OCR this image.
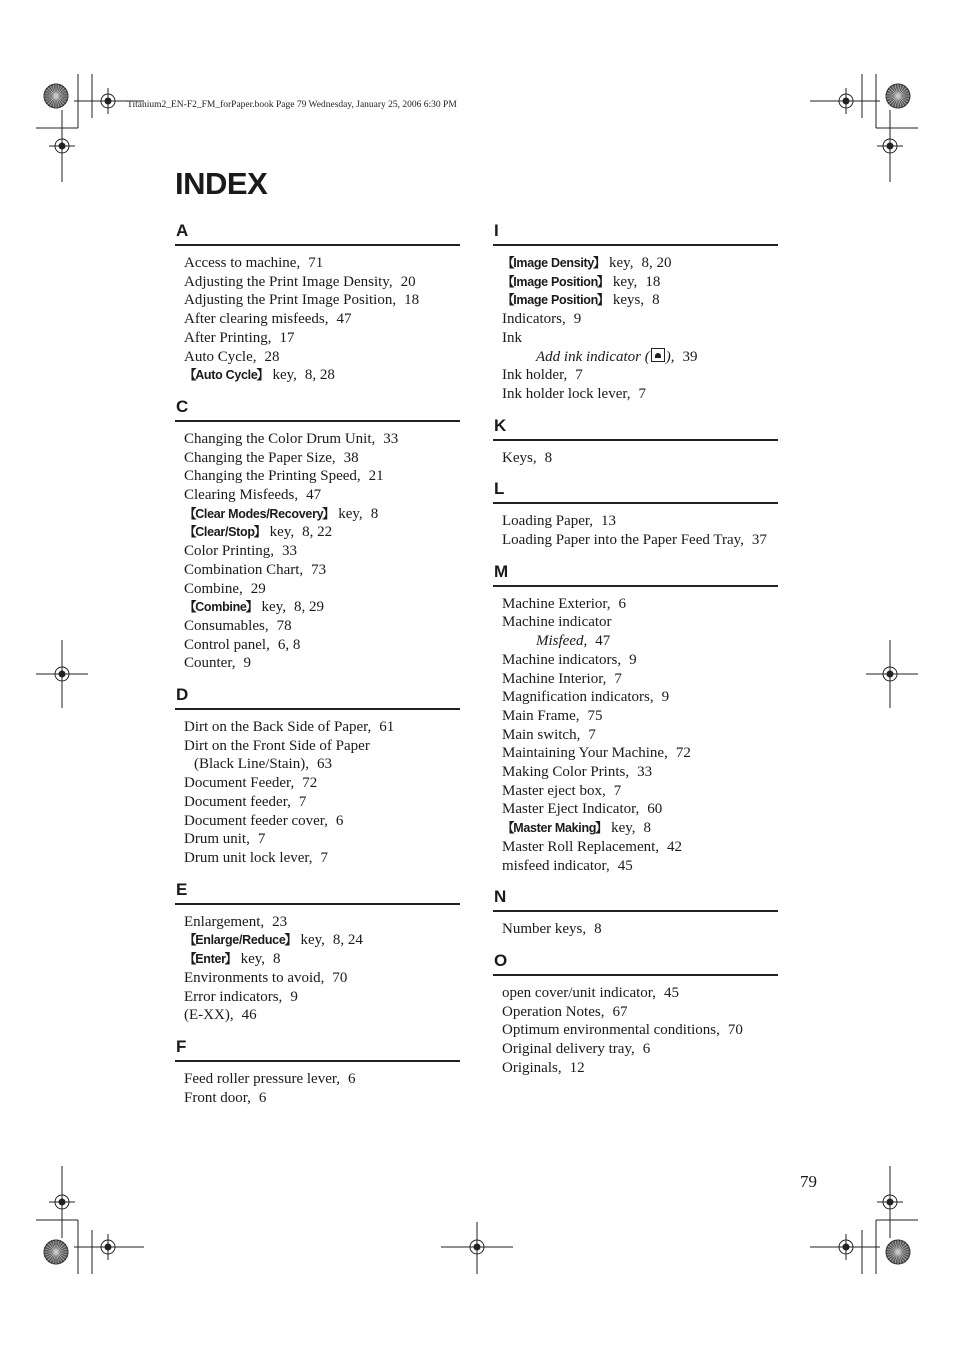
Titanium2_EN-F2_FM_forPaper.book Page 79 Wednesday, January 25, 2006 6:30 PM
INDEX
A
Access to machine, 71
Adjusting the Print Image Density, 20
Adjusting the Print Image Position, 18
After clearing misfeeds, 47
After Printing, 17
Auto Cycle, 28
【 Auto Cycle 】 key, 8, 28
C
Changing the Color Drum Unit, 33
Changing the Paper Size, 38
Changing the Printing Speed, 21
Clearing Misfeeds, 47
【 Clear Modes/Recovery 】 key, 8
【 Clear/Stop 】 key, 8, 22
Color Printing, 33
Combination Chart, 73
Combine, 29
【 Combine 】 key, 8, 29
Consumables, 78
Control panel, 6, 8
Counter, 9
D
Dirt on the Back Side of Paper, 61
Dirt on the Front Side of Paper
(Black Line/Stain), 63
Document Feeder, 72
Document feeder, 7
Document feeder cover, 6
Drum unit, 7
Drum unit lock lever, 7
E
Enlargement, 23
【 Enlarge/Reduce 】 key, 8, 24
【 Enter 】 key, 8
Environments to avoid, 70
Error indicators, 9
(E-XX), 46
F
Feed roller pressure lever, 6
Front door, 6
I
【 Image Density 】 key, 8, 20
【 Image Position 】 key, 18
【 Image Position 】 keys, 8
Indicators, 9
Ink
Add ink indicator ( ), 39
Ink holder, 7
Ink holder lock lever, 7
K
Keys, 8
L
Loading Paper, 13
Loading Paper into the Paper Feed Tray, 37
M
Machine Exterior, 6
Machine indicator
Misfeed, 47
Machine indicators, 9
Machine Interior, 7
Magnification indicators, 9
Main Frame, 75
Main switch, 7
Maintaining Your Machine, 72
Making Color Prints, 33
Master eject box, 7
Master Eject Indicator, 60
【 Master Making 】 key, 8
Master Roll Replacement, 42
misfeed indicator, 45
N
Number keys, 8
O
open cover/unit indicator, 45
Operation Notes, 67
Optimum environmental conditions, 70
Original delivery tray, 6
Originals, 12
79
